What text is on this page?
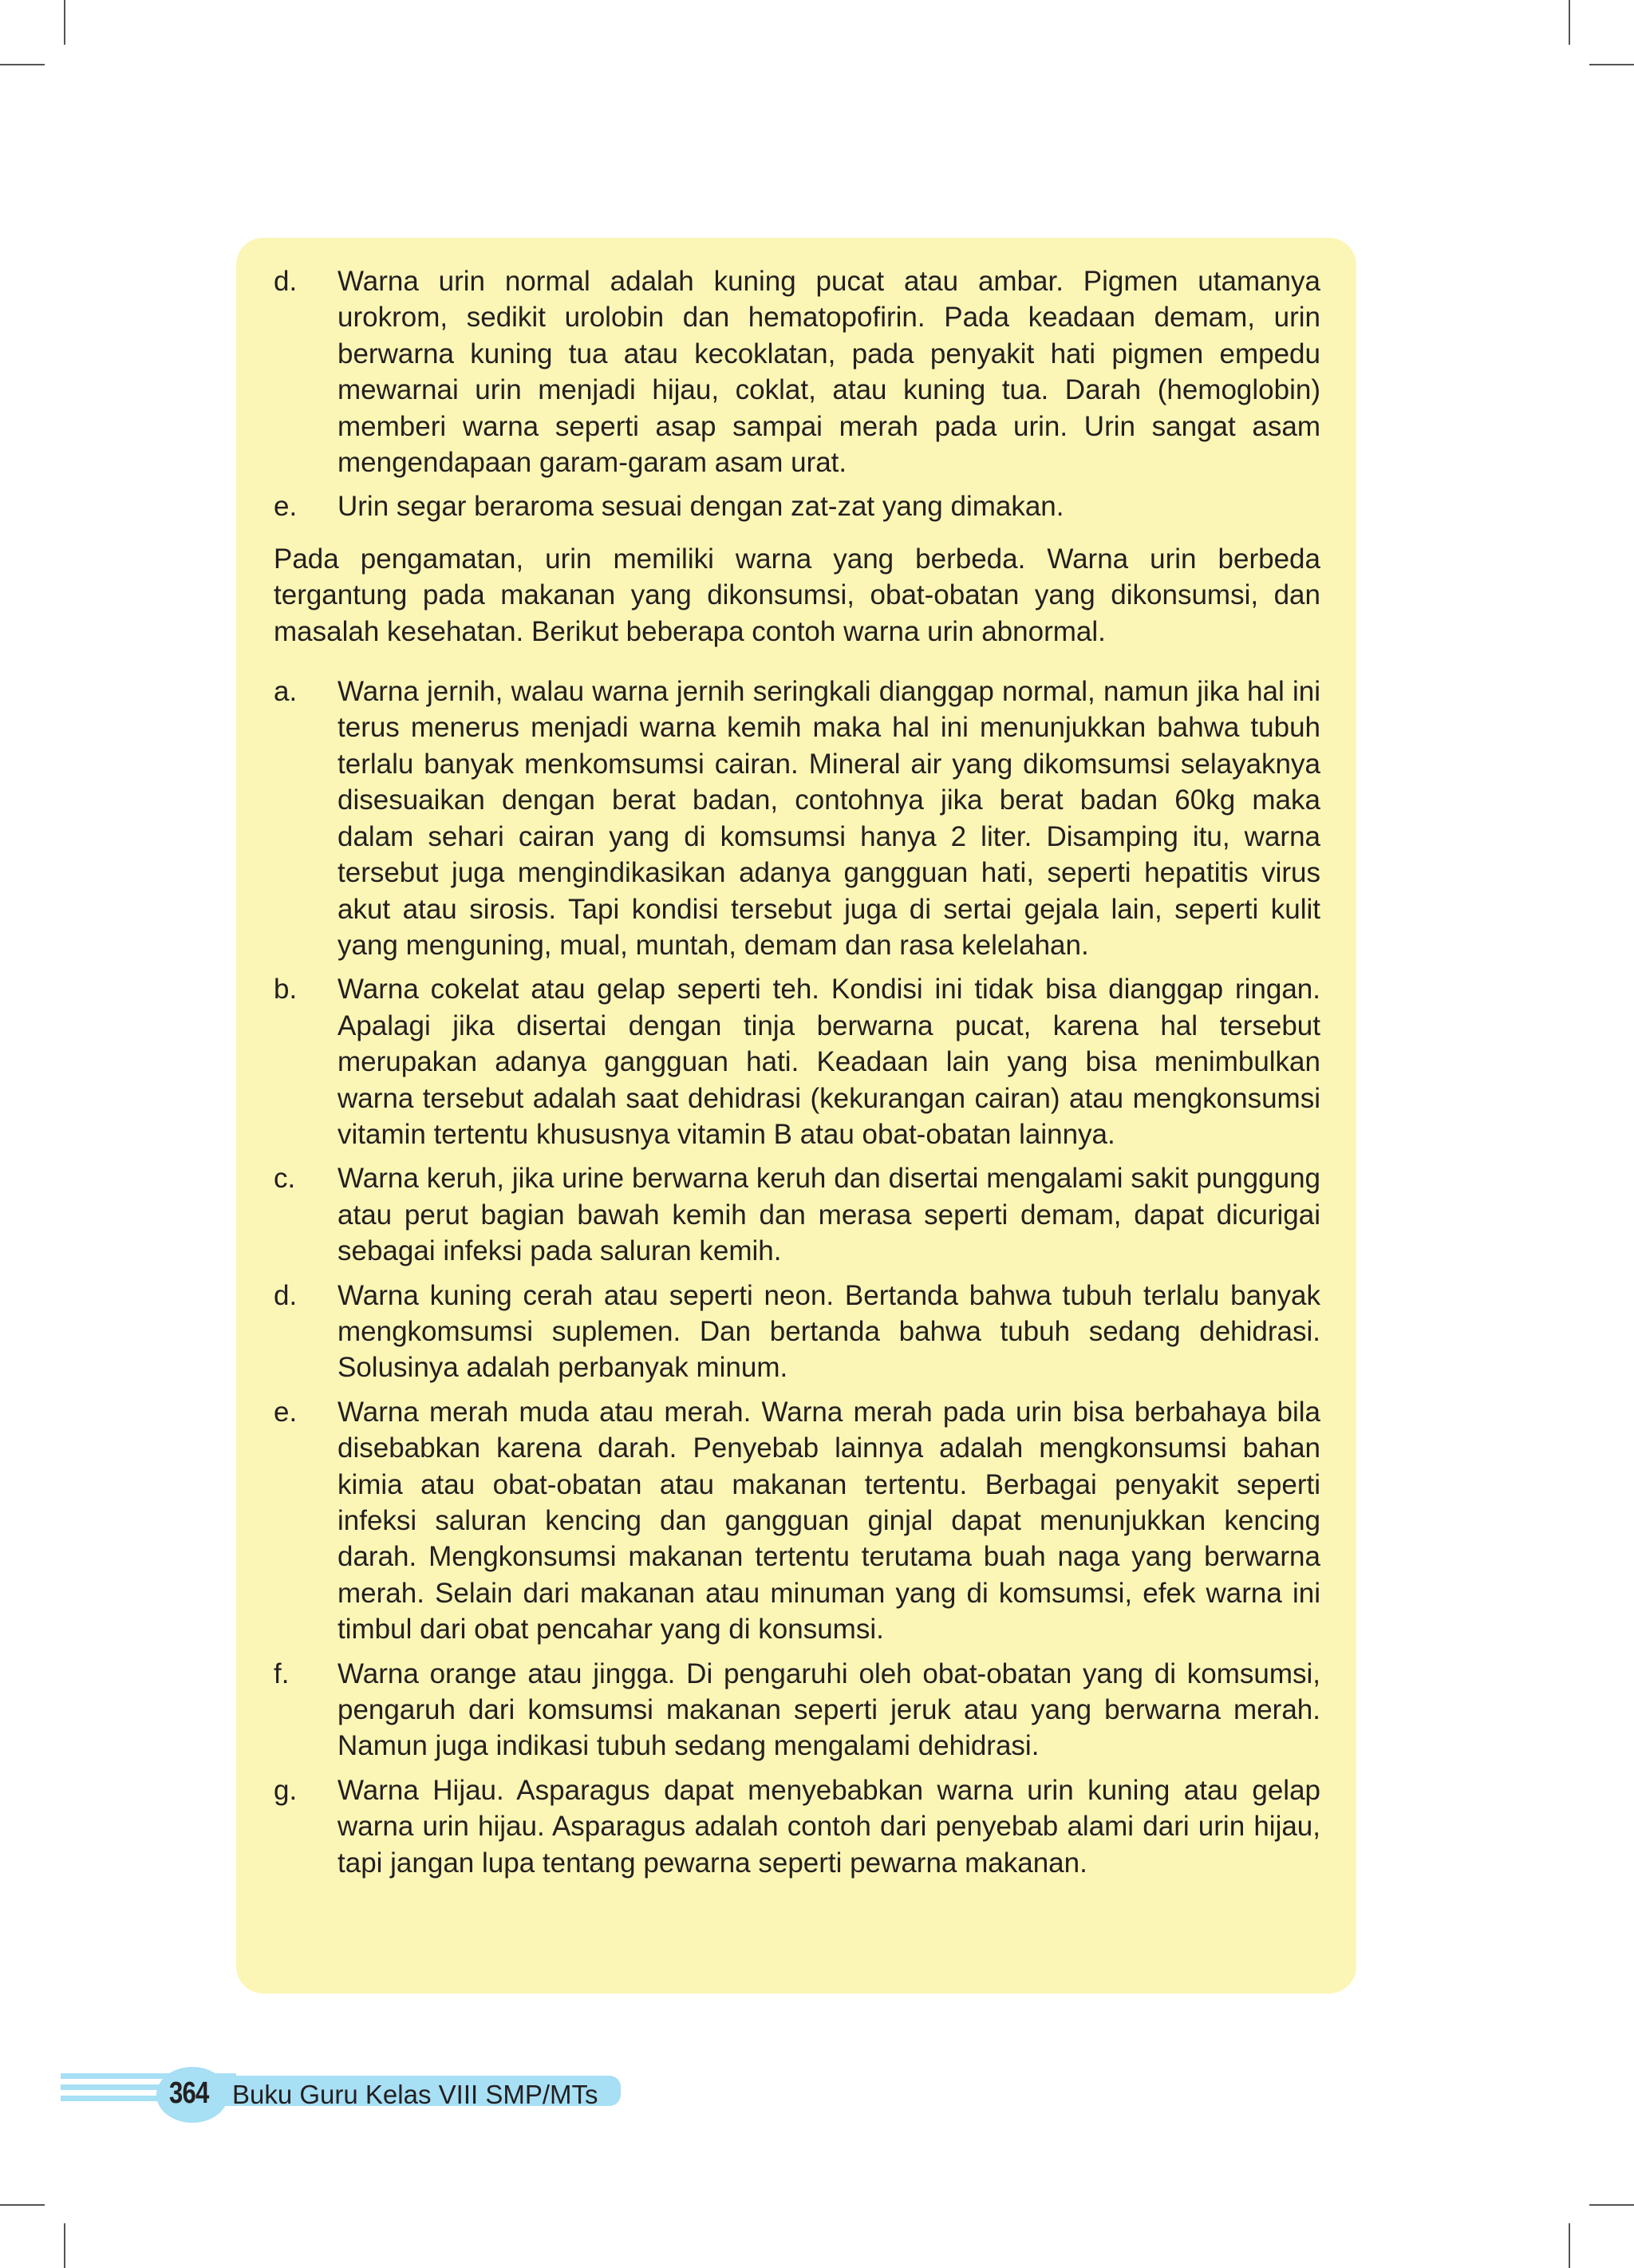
d.	Warna urin normal adalah kuning pucat atau ambar. Pigmen utamanya urokrom, sedikit urolobin dan hematopofirin. Pada keadaan demam, urin berwarna kuning tua atau kecoklatan, pada penyakit hati pigmen empedu mewarnai urin menjadi hijau, coklat, atau kuning tua. Darah (hemoglobin) memberi warna seperti asap sampai merah pada urin. Urin sangat asam mengendapaan garam-garam asam urat.
e.	Urin segar beraroma sesuai dengan zat-zat yang dimakan.

Pada pengamatan, urin memiliki warna yang berbeda. Warna urin berbeda tergantung pada makanan yang dikonsumsi, obat-obatan yang dikonsumsi, dan masalah kesehatan. Berikut beberapa contoh warna urin abnormal.

a.	Warna jernih, walau warna jernih seringkali dianggap normal, namun jika hal ini terus menerus menjadi warna kemih maka hal ini menunjukkan bahwa tubuh terlalu banyak menkomsumsi cairan. Mineral air yang dikomsumsi selayaknya disesuaikan dengan berat badan, contohnya jika berat badan 60kg maka dalam sehari cairan yang di komsumsi hanya 2 liter. Disamping itu, warna tersebut juga mengindikasikan adanya gangguan hati, seperti hepatitis virus akut atau sirosis. Tapi kondisi tersebut juga di sertai gejala lain, seperti kulit yang menguning, mual, muntah, demam dan rasa kelelahan.
b.	Warna cokelat atau gelap seperti teh. Kondisi ini tidak bisa dianggap ringan. Apalagi jika disertai dengan tinja berwarna pucat, karena hal tersebut merupakan adanya gangguan hati. Keadaan lain yang bisa menimbulkan warna tersebut adalah saat dehidrasi (kekurangan cairan) atau mengkonsumsi vitamin tertentu khususnya vitamin B atau obat-obatan lainnya.
c.	Warna keruh, jika urine berwarna keruh dan disertai mengalami sakit punggung atau perut bagian bawah kemih dan merasa seperti demam, dapat dicurigai sebagai infeksi pada saluran kemih.
d.	Warna kuning cerah atau seperti neon. Bertanda bahwa tubuh terlalu banyak mengkomsumsi suplemen. Dan bertanda bahwa tubuh sedang dehidrasi. Solusinya adalah perbanyak minum.
e.	Warna merah muda atau merah. Warna merah pada urin bisa berbahaya bila disebabkan karena darah. Penyebab lainnya adalah mengkonsumsi bahan kimia atau obat-obatan atau makanan tertentu. Berbagai penyakit seperti infeksi saluran kencing dan gangguan ginjal dapat menunjukkan kencing darah. Mengkonsumsi makanan tertentu terutama buah naga yang berwarna merah. Selain dari makanan atau minuman yang di komsumsi, efek warna ini timbul dari obat pencahar yang di konsumsi.
f.	Warna orange atau jingga. Di pengaruhi oleh obat-obatan yang di komsumsi, pengaruh dari komsumsi makanan seperti jeruk atau yang berwarna merah. Namun juga indikasi tubuh sedang mengalami dehidrasi.
g.	Warna Hijau. Asparagus dapat menyebabkan warna urin kuning atau gelap warna urin hijau. Asparagus adalah contoh dari penyebab alami dari urin hijau, tapi jangan lupa tentang pewarna seperti pewarna makanan.
364 Buku Guru Kelas VIII SMP/MTs
